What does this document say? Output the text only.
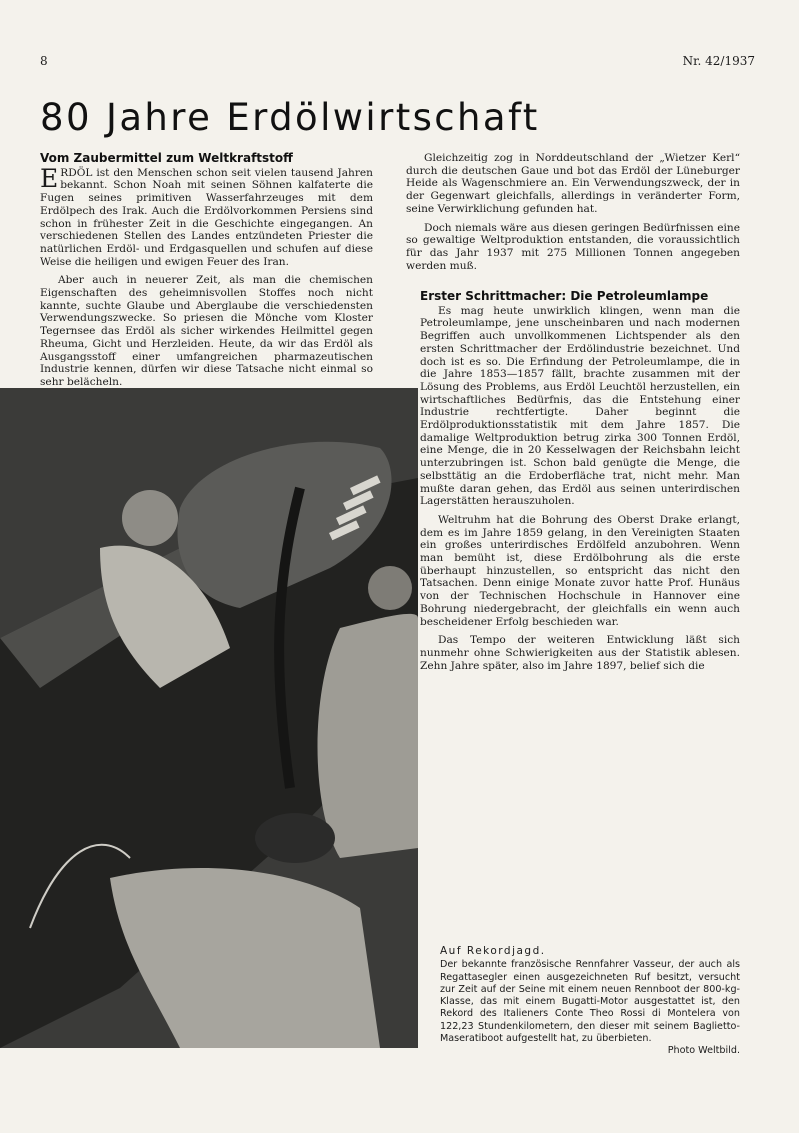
8	Nr. 42/1937
80 Jahre Erdölwirtschaft
Vom Zaubermittel zum Weltkraftstoff

ERDÖL ist den Menschen schon seit vielen tausend Jahren bekannt. Schon Noah mit seinen Söhnen kalfaterte die Fugen seines primitiven Wasserfahrzeuges mit dem Erdölpech des Irak. Auch die Erdölvorkommen Persiens sind schon in frühester Zeit in die Geschichte eingegangen. An verschiedenen Stellen des Landes entzündeten Priester die natürlichen Erdöl- und Erdgasquellen und schufen auf diese Weise die heiligen und ewigen Feuer des Iran.

Aber auch in neuerer Zeit, als man die chemischen Eigenschaften des geheimnisvollen Stoffes noch nicht kannte, suchte Glaube und Aberglaube die verschiedensten Verwendungszwecke. So priesen die Mönche vom Kloster Tegernsee das Erdöl als sicher wirkendes Heilmittel gegen Rheuma, Gicht und Herzleiden. Heute, da wir das Erdöl als Ausgangsstoff einer umfangreichen pharmazeutischen Industrie kennen, dürfen wir diese Tatsache nicht einmal so sehr belächeln.

Gleichzeitig zog in Norddeutschland der „Wietzer Kerl“ durch die deutschen Gaue und bot das Erdöl der Lüneburger Heide als Wagenschmiere an. Ein Verwendungszweck, der in der Gegenwart gleichfalls, allerdings in veränderter Form, seine Verwirklichung gefunden hat.

Doch niemals wäre aus diesen geringen Bedürfnissen eine so gewaltige Weltproduktion entstanden, die voraussichtlich für das Jahr 1937 mit 275 Millionen Tonnen angegeben werden muß.

Erster Schrittmacher: Die Petroleumlampe

Es mag heute unwirklich klingen, wenn man die Petroleumlampe, jene unscheinbaren und nach modernen Begriffen auch unvollkommenen Lichtspender als den ersten Schrittmacher der Erdölindustrie bezeichnet. Und doch ist es so. Die Erfindung der Petroleumlampe, die in die Jahre 1853—1857 fällt, brachte zusammen mit der Lösung des Problems, aus Erdöl Leuchtöl herzustellen, ein wirtschaftliches Bedürfnis, das die Entstehung einer Industrie rechtfertigte. Daher beginnt die Erdölproduktionsstatistik mit dem Jahre 1857. Die damalige Weltproduktion betrug zirka 300 Tonnen Erdöl, eine Menge, die in 20 Kesselwagen der Reichsbahn leicht unterzubringen ist. Schon bald genügte die Menge, die selbsttätig an die Erdoberfläche trat, nicht mehr. Man mußte daran gehen, das Erdöl aus seinen unterirdischen Lagerstätten herauszuholen.

Weltruhm hat die Bohrung des Oberst Drake erlangt, dem es im Jahre 1859 gelang, in den Vereinigten Staaten ein großes unterirdisches Erdölfeld anzubohren. Wenn man bemüht ist, diese Erdölbohrung als die erste überhaupt hinzustellen, so entspricht das nicht den Tatsachen. Denn einige Monate zuvor hatte Prof. Hunäus von der Technischen Hochschule in Hannover eine Bohrung niedergebracht, der gleichfalls ein wenn auch bescheidener Erfolg beschieden war.

Das Tempo der weiteren Entwicklung läßt sich nunmehr ohne Schwierigkeiten aus der Statistik ablesen. Zehn Jahre später, also im Jahre 1897, belief sich die

Auf Rekordjagd.
Der bekannte französische Rennfahrer Vasseur, der auch als Regattasegler einen ausgezeichneten Ruf besitzt, versucht zur Zeit auf der Seine mit einem neuen Rennboot der 800-kg-Klasse, das mit einem Bugatti-Motor ausgestattet ist, den Rekord des Italieners Conte Theo Rossi di Montelera von 122,23 Stundenkilometern, den dieser mit seinem Baglietto-Maseratiboot aufgestellt hat, zu überbieten.
Photo Weltbild.
